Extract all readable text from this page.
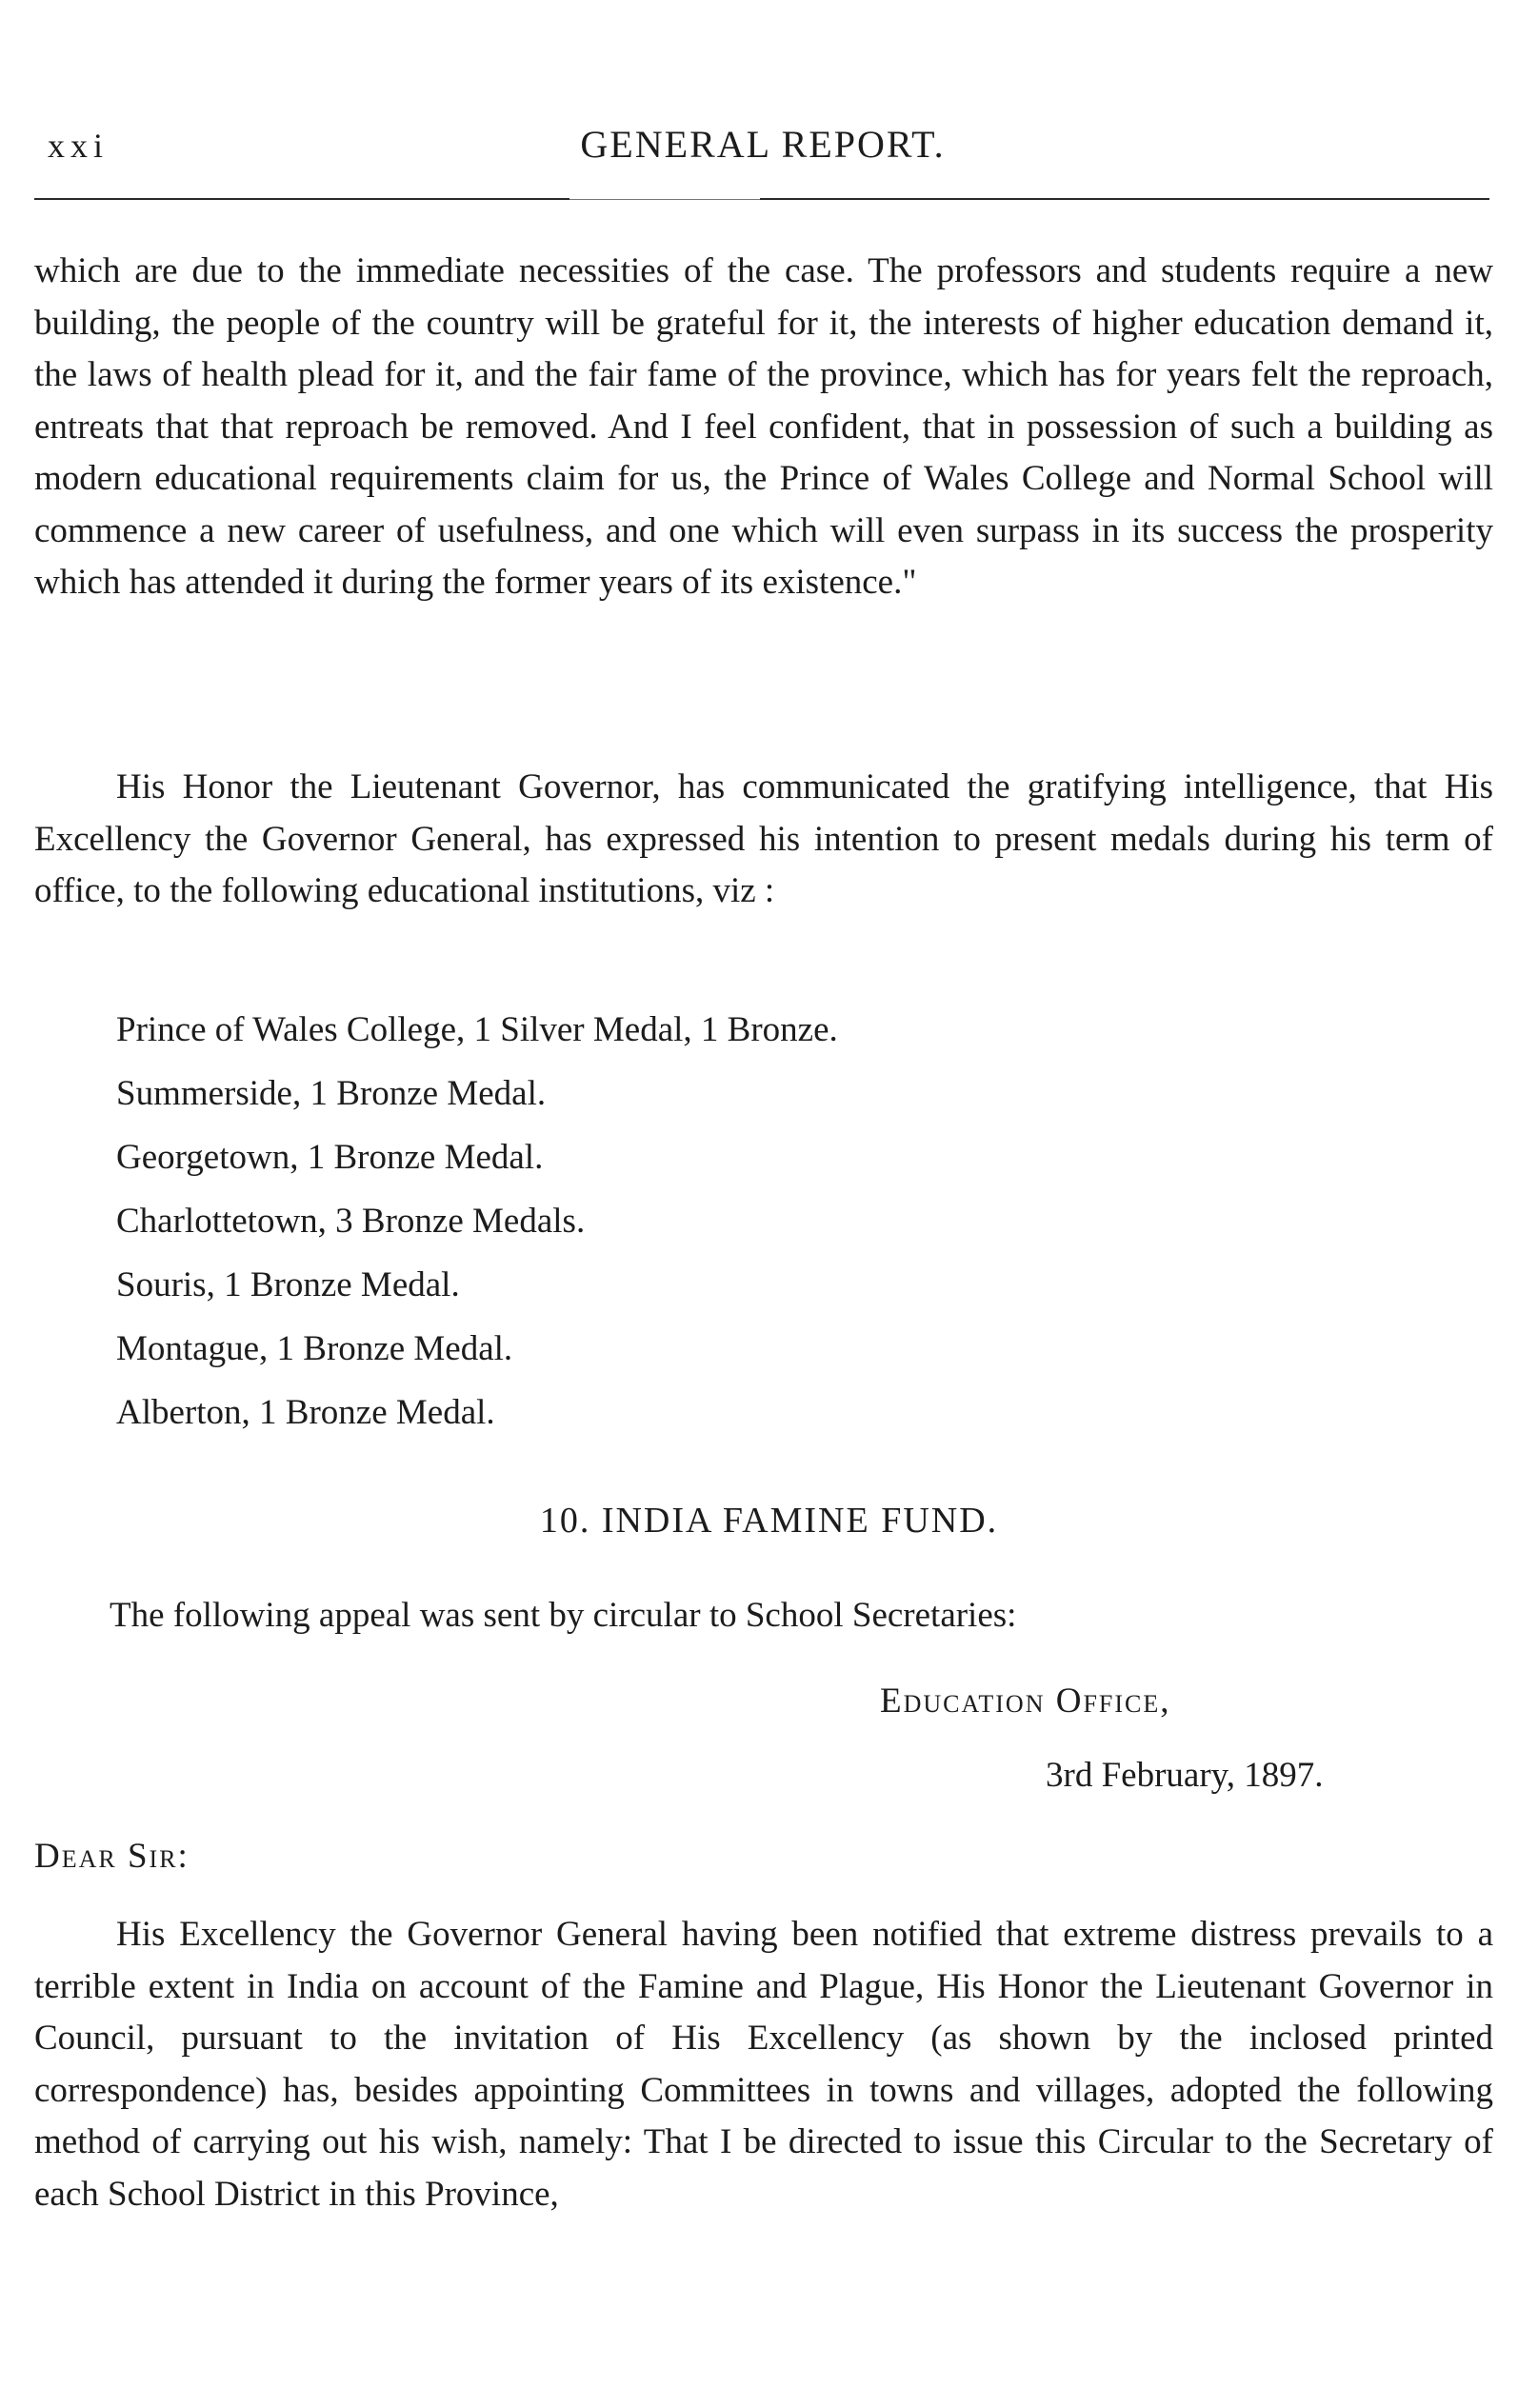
xxi	GENERAL REPORT.

which are due to the immediate necessities of the case. The professors and students require a new building, the people of the country will be grateful for it, the interests of higher education demand it, the laws of health plead for it, and the fair fame of the province, which has for years felt the reproach, entreats that that reproach be removed. And I feel confident, that in possession of such a building as modern educational requirements claim for us, the Prince of Wales College and Normal School will commence a new career of usefulness, and one which will even surpass in its success the prosperity which has attended it during the former years of its existence."

His Honor the Lieutenant Governor, has communicated the gratifying intelligence, that His Excellency the Governor General, has expressed his intention to present medals during his term of office, to the following educational institutions, viz :

Prince of Wales College, 1 Silver Medal, 1 Bronze.
Summerside, 1 Bronze Medal.
Georgetown, 1 Bronze Medal.
Charlottetown, 3 Bronze Medals.
Souris, 1 Bronze Medal.
Montague, 1 Bronze Medal.
Alberton, 1 Bronze Medal.
10. INDIA FAMINE FUND.
The following appeal was sent by circular to School Secretaries:
Education Office,
3rd February, 1897.
Dear Sir:

His Excellency the Governor General having been notified that extreme distress prevails to a terrible extent in India on account of the Famine and Plague, His Honor the Lieutenant Governor in Council, pursuant to the invitation of His Excellency (as shown by the inclosed printed correspondence) has, besides appointing Committees in towns and villages, adopted the following method of carrying out his wish, namely: That I be directed to issue this Circular to the Secretary of each School District in this Province,
